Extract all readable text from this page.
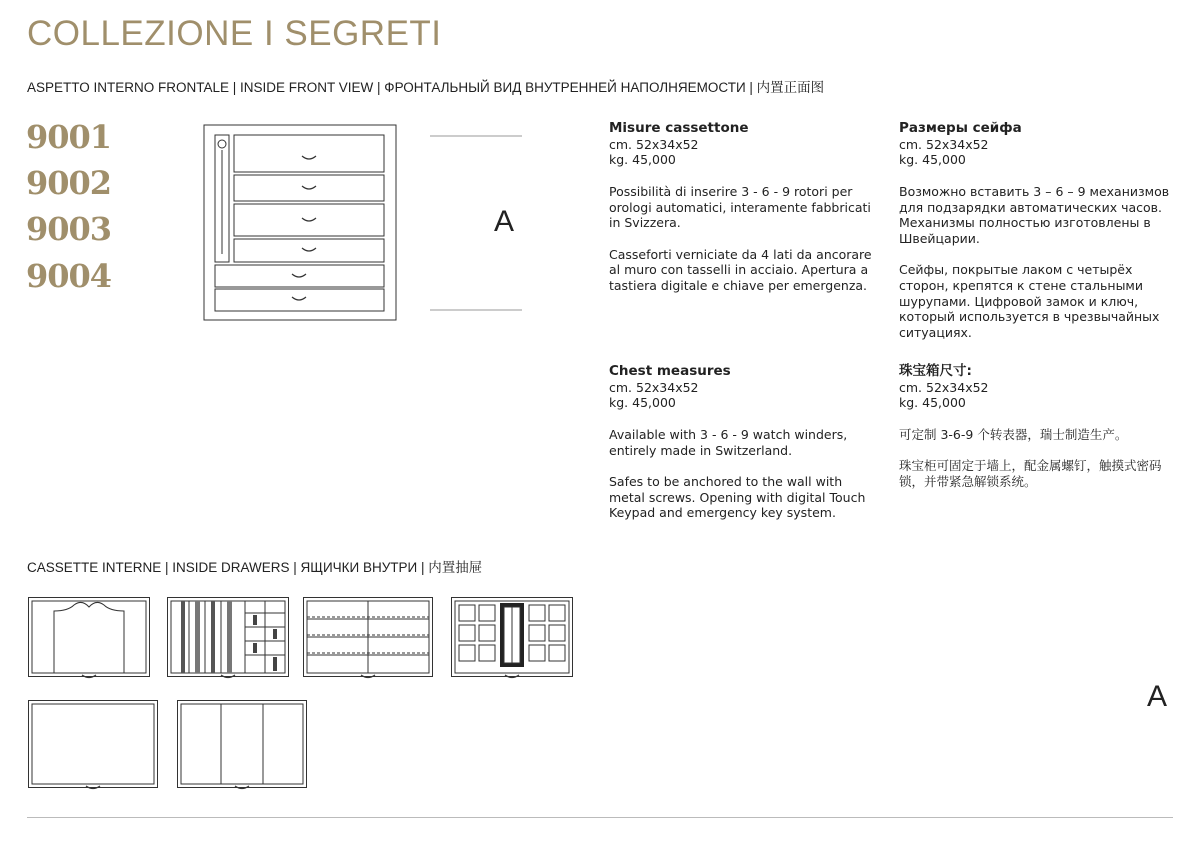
COLLEZIONE I SEGRETI
ASPETTO INTERNO FRONTALE | INSIDE FRONT VIEW | ФРОНТАЛЬНЫЙ ВИД ВНУТРЕННЕЙ НАПОЛНЯЕМОСТИ | 内置正面图
9001
9002
9003
9004
A
Misure cassettone
cm. 52x34x52
kg. 45,000

Possibilità di inserire 3 - 6 - 9 rotori per orologi automatici, interamente fabbricati in Svizzera.

Casseforti verniciate da 4 lati da ancorare al muro con tasselli in acciaio. Apertura a tastiera digitale e chiave per emergenza.

Размеры сейфа
cm. 52x34x52
kg. 45,000

Возможно вставить 3 – 6 – 9 механизмов для подзарядки автоматических часов. Механизмы полностью изготовлены в Швейцарии.

Сейфы, покрытые лаком с четырёх сторон, крепятся к стене стальными шурупами. Цифровой замок и ключ, который используется в чрезвычайных ситуациях.

Chest measures
cm. 52x34x52
kg. 45,000

Available with 3 - 6 - 9 watch winders, entirely made in Switzerland.

Safes to be anchored to the wall with metal screws. Opening with digital Touch Keypad and emergency key system.

珠宝箱尺寸:
cm. 52x34x52
kg. 45,000

可定制 3-6-9 个转表器，瑞士制造生产。

珠宝柜可固定于墙上，配金属螺钉，触摸式密码锁，并带紧急解锁系统。

CASSETTE INTERNE | INSIDE DRAWERS | ЯЩИЧКИ ВНУТРИ | 内置抽屉
A
